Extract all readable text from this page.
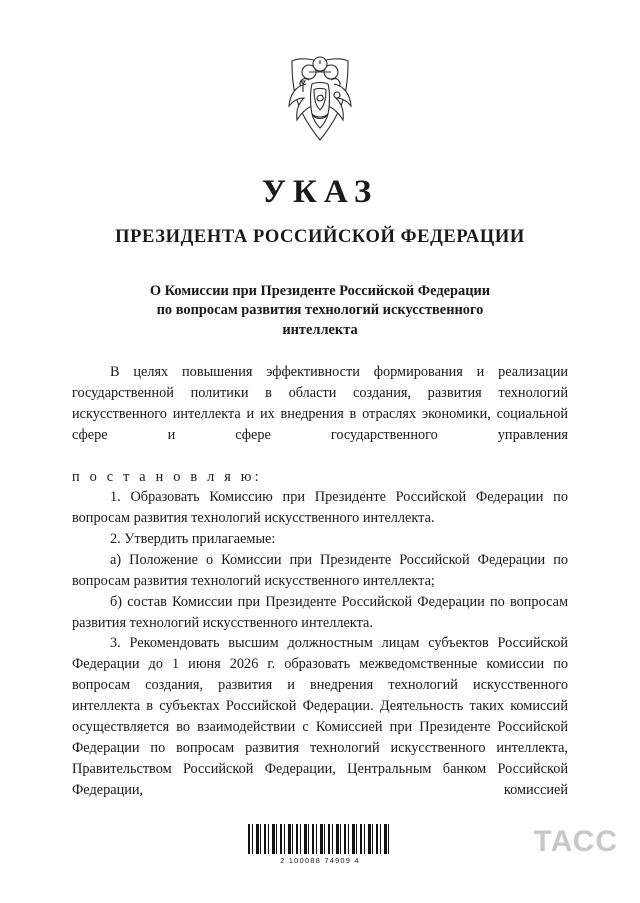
УКАЗ
ПРЕЗИДЕНТА РОССИЙСКОЙ ФЕДЕРАЦИИ
О Комиссии при Президенте Российской Федерации
по вопросам развития технологий искусственного
интеллекта

В целях повышения эффективности формирования и реализации государственной политики в области создания, развития технологий искусственного интеллекта и их внедрения в отраслях экономики, социальной сфере и сфере государственного управления п о с т а н о в л я ю:

1. Образовать Комиссию при Президенте Российской Федерации по вопросам развития технологий искусственного интеллекта.

2. Утвердить прилагаемые:

а) Положение о Комиссии при Президенте Российской Федерации по вопросам развития технологий искусственного интеллекта;

б) состав Комиссии при Президенте Российской Федерации по вопросам развития технологий искусственного интеллекта.

3. Рекомендовать высшим должностным лицам субъектов Российской Федерации до 1 июня 2026 г. образовать межведомственные комиссии по вопросам создания, развития и внедрения технологий искусственного интеллекта в субъектах Российской Федерации. Деятельность таких комиссий осуществляется во взаимодействии с Комиссией при Президенте Российской Федерации по вопросам развития технологий искусственного интеллекта, Правительством Российской Федерации, Центральным банком Российской Федерации, комиссией

2 100088 74909 4
ТАСС
